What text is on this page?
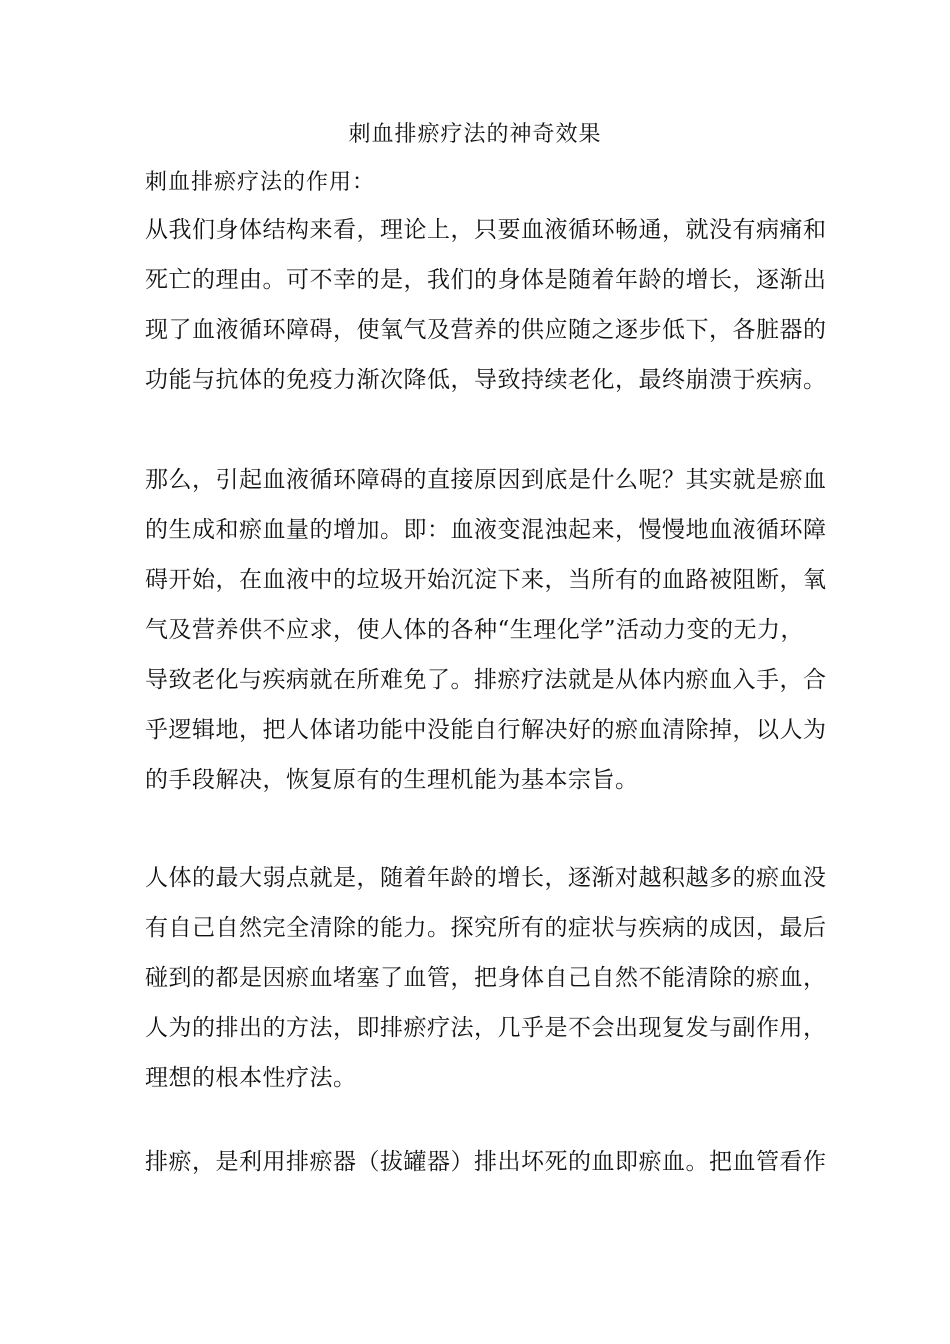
刺血排瘀疗法的神奇效果
刺血排瘀疗法的作用：
从我们身体结构来看，理论上，只要血液循环畅通，就没有病痛和
死亡的理由。可不幸的是，我们的身体是随着年龄的增长，逐渐出
现了血液循环障碍，使氧气及营养的供应随之逐步低下，各脏器的
功能与抗体的免疫力渐次降低，导致持续老化，最终崩溃于疾病。
那么，引起血液循环障碍的直接原因到底是什么呢？其实就是瘀血
的生成和瘀血量的增加。即：血液变混浊起来，慢慢地血液循环障
碍开始，在血液中的垃圾开始沉淀下来，当所有的血路被阻断，氧
气及营养供不应求，使人体的各种“生理化学”活动力变的无力，
导致老化与疾病就在所难免了。排瘀疗法就是从体内瘀血入手，合
乎逻辑地，把人体诸功能中没能自行解决好的瘀血清除掉，以人为
的手段解决，恢复原有的生理机能为基本宗旨。
人体的最大弱点就是，随着年龄的增长，逐渐对越积越多的瘀血没
有自己自然完全清除的能力。探究所有的症状与疾病的成因，最后
碰到的都是因瘀血堵塞了血管，把身体自己自然不能清除的瘀血，
人为的排出的方法，即排瘀疗法，几乎是不会出现复发与副作用，
理想的根本性疗法。
排瘀，是利用排瘀器（拔罐器）排出坏死的血即瘀血。把血管看作
